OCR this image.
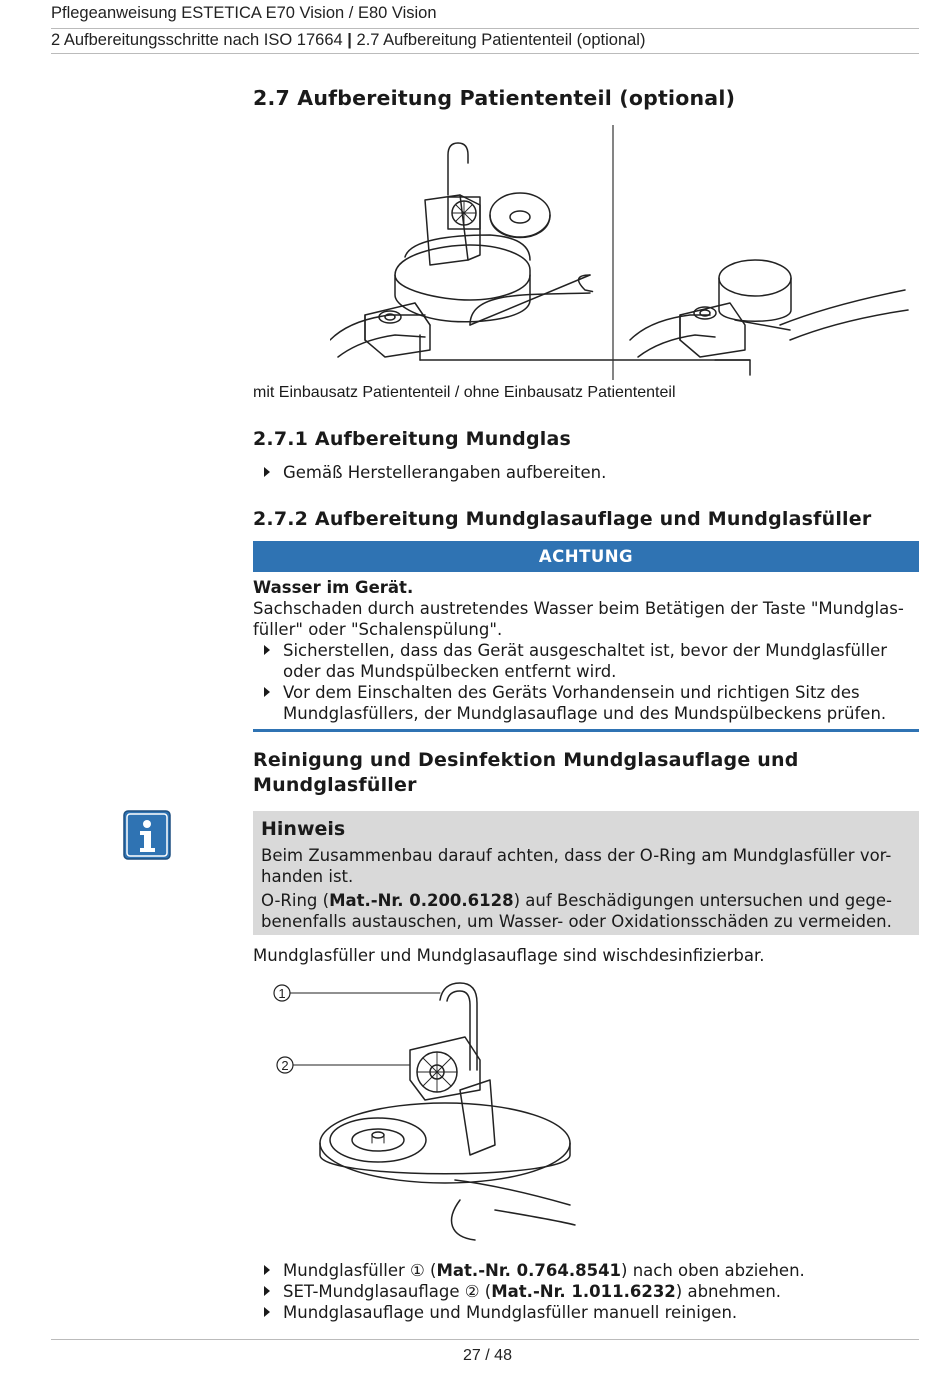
Pflegeanweisung ESTETICA E70 Vision / E80 Vision
2 Aufbereitungsschritte nach ISO 17664 | 2.7 Aufbereitung Patiententeil (optional)
2.7 Aufbereitung Patiententeil (optional)
mit Einbausatz Patiententeil / ohne Einbausatz Patiententeil
2.7.1 Aufbereitung Mundglas
Gemäß Herstellerangaben aufbereiten.
2.7.2 Aufbereitung Mundglasauflage und Mundglasfüller
ACHTUNG
Wasser im Gerät.
Sachschaden durch austretendes Wasser beim Betätigen der Taste "Mundglas-
füller" oder "Schalenspülung".
Sicherstellen, dass das Gerät ausgeschaltet ist, bevor der Mundglasfüller
oder das Mundspülbecken entfernt wird.
Vor dem Einschalten des Geräts Vorhandensein und richtigen Sitz des
Mundglasfüllers, der Mundglasauflage und des Mundspülbeckens prüfen.
Reinigung und Desinfektion Mundglasauflage und
Mundglasfüller
Hinweis
Beim Zusammenbau darauf achten, dass der O-Ring am Mundglasfüller vor-
handen ist.
O-Ring (Mat.-Nr. 0.200.6128) auf Beschädigungen untersuchen und gege-
benenfalls austauschen, um Wasser- oder Oxidationsschäden zu vermeiden.
Mundglasfüller und Mundglasauflage sind wischdesinfizierbar.
1
2
Mundglasfüller ① (Mat.-Nr. 0.764.8541) nach oben abziehen.
SET-Mundglasauflage ② (Mat.-Nr. 1.011.6232) abnehmen.
Mundglasauflage und Mundglasfüller manuell reinigen.
27 / 48
